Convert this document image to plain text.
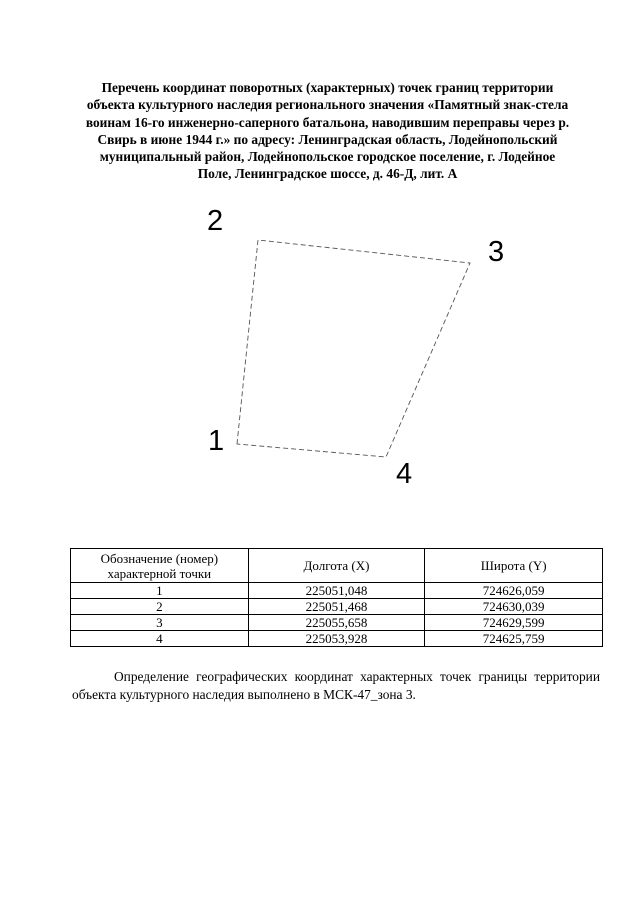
Перечень координат поворотных (характерных) точек границ территории
объекта культурного наследия регионального значения «Памятный знак-стела
воинам 16-го инженерно-саперного батальона, наводившим переправы через р.
Свирь в июне 1944 г.» по адресу: Ленинградская область, Лодейнопольский
муниципальный район, Лодейнопольское городское поселение, г. Лодейное
Поле, Ленинградское шоссе, д. 46-Д, лит. А
1
2
3
4
Обозначение (номер) характерной точки	Долгота (X)	Широта (Y)
1	225051,048	724626,059
2	225051,468	724630,039
3	225055,658	724629,599
4	225053,928	724625,759
Определение географических координат характерных точек границы территории объекта культурного наследия выполнено в МСК-47_зона 3.
